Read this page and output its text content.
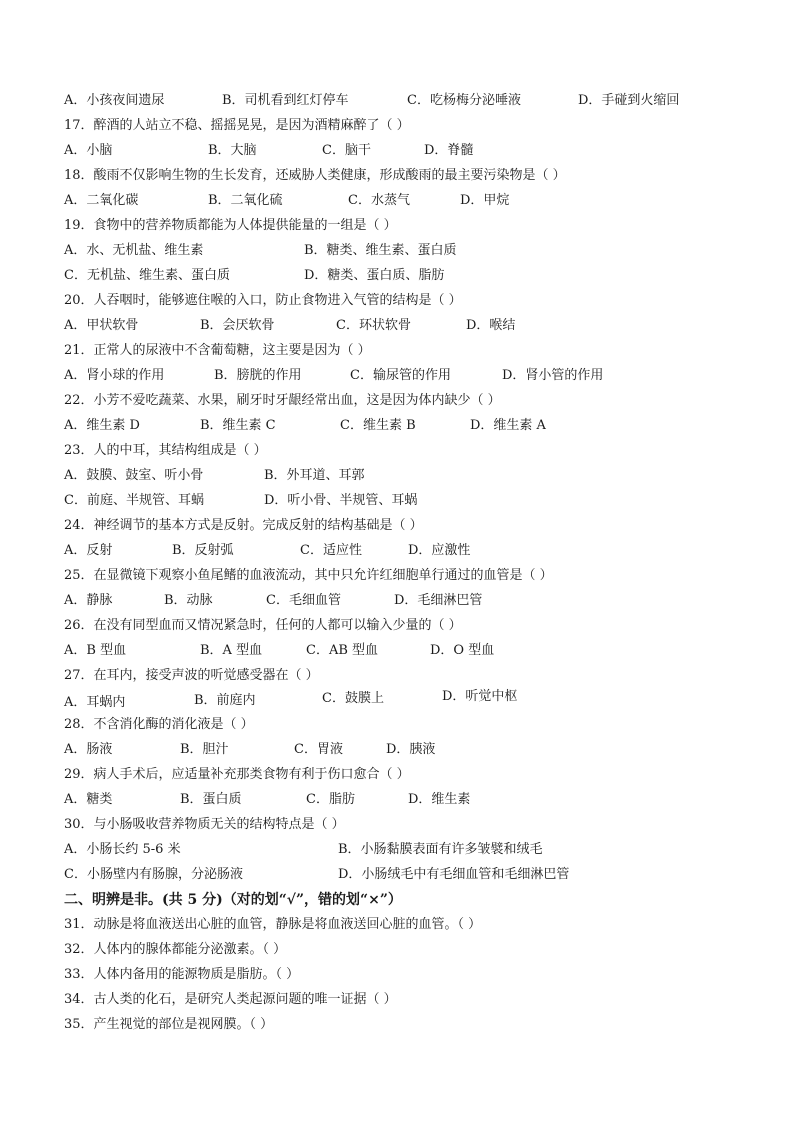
A．小孩夜间遗尿	B．司机看到红灯停车	C．吃杨梅分泌唾液	D．手碰到火缩回
17．醉酒的人站立不稳、摇摇晃晃，是因为酒精麻醉了（ ）
A．小脑	B．大脑	C．脑干	D．脊髓
18．酸雨不仅影响生物的生长发育，还威胁人类健康，形成酸雨的最主要污染物是（ ）
A．二氧化碳	B．二氧化硫	C．水蒸气	D．甲烷
19．食物中的营养物质都能为人体提供能量的一组是（ ）
A．水、无机盐、维生素	B．糖类、维生素、蛋白质
C．无机盐、维生素、蛋白质	D．糖类、蛋白质、脂肪
20．人吞咽时，能够遮住喉的入口，防止食物进入气管的结构是（ ）
A．甲状软骨	B．会厌软骨	C．环状软骨	D．喉结
21．正常人的尿液中不含葡萄糖，这主要是因为（ ）
A．肾小球的作用	B．膀胱的作用	C．输尿管的作用	D．肾小管的作用
22．小芳不爱吃蔬菜、水果，刷牙时牙龈经常出血，这是因为体内缺少（ ）
A．维生素 D	B．维生素 C	C．维生素 B	D．维生素 A
23．人的中耳，其结构组成是（ ）
A．鼓膜、鼓室、听小骨	B．外耳道、耳郭
C．前庭、半规管、耳蜗	D．听小骨、半规管、耳蜗
24．神经调节的基本方式是反射。完成反射的结构基础是（ ）
A．反射	B．反射弧	C．适应性	D．应激性
25．在显微镜下观察小鱼尾鳍的血液流动，其中只允许红细胞单行通过的血管是（ ）
A．静脉	B．动脉	C．毛细血管	D．毛细淋巴管
26．在没有同型血而又情况紧急时，任何的人都可以输入少量的（ ）
A．B 型血	B．A 型血	C．AB 型血	D．O 型血
27．在耳内，接受声波的听觉感受器在（ ）
A．耳蜗内	B．前庭内	C．鼓膜上	D．听觉中枢
28．不含消化酶的消化液是（ ）
A．肠液	B．胆汁	C．胃液	D．胰液
29．病人手术后，应适量补充那类食物有利于伤口愈合（ ）
A．糖类	B．蛋白质	C．脂肪	D．维生素
30．与小肠吸收营养物质无关的结构特点是（ ）
A．小肠长约 5-6 米	B．小肠黏膜表面有许多皱襞和绒毛
C．小肠壁内有肠腺，分泌肠液	D．小肠绒毛中有毛细血管和毛细淋巴管
二、明辨是非。(共 5 分)（对的划“√”，错的划“×”）
31．动脉是将血液送出心脏的血管，静脉是将血液送回心脏的血管。（ ）
32．人体内的腺体都能分泌激素。（ ）
33．人体内备用的能源物质是脂肪。（ ）
34．古人类的化石，是研究人类起源问题的唯一证据（ ）
35．产生视觉的部位是视网膜。（ ）
